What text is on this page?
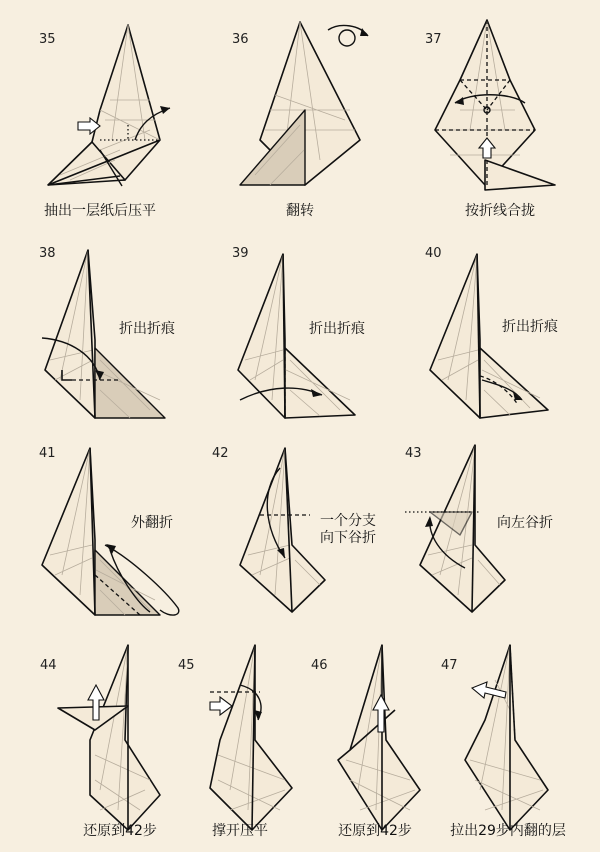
35
抽出一层纸后压平
36
翻转
37
按折线合拢
38
折出折痕
39
折出折痕
40
折出折痕
41
外翻折
42
一个分支
向下谷折
43
向左谷折
44
还原到42步
45
撑开压平
46
还原到42步
47
拉出29步内翻的层
